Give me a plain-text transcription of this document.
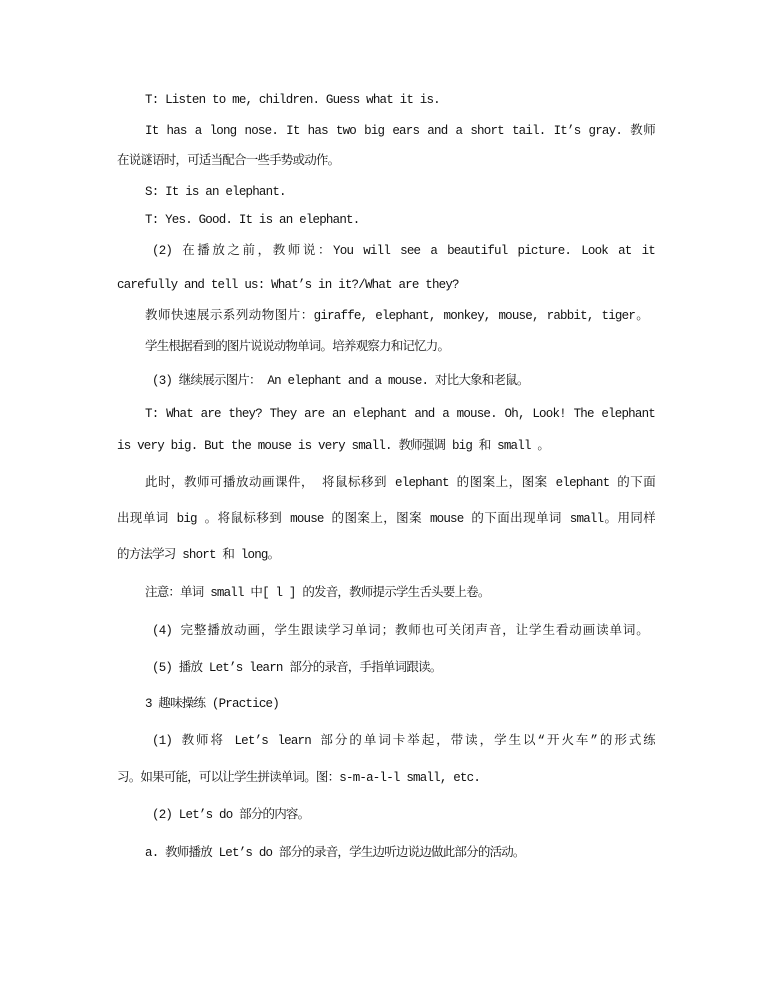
T: Listen to me, children. Guess what it is.
It has a long nose. It has two big ears and a short tail. It’s gray. 教师
在说谜语时，可适当配合一些手势或动作。
S: It is an elephant.
T: Yes. Good. It is an elephant.
(2) 在播放之前，教师说：You will see a beautiful picture. Look at it
carefully and tell us: What’s in it?/What are they?
教师快速展示系列动物图片：giraffe, elephant, monkey, mouse, rabbit, tiger。
学生根据看到的图片说说动物单词。培养观察力和记忆力。
(3) 继续展示图片： An elephant and a mouse. 对比大象和老鼠。
T: What are they? They are an elephant and a mouse. Oh, Look! The elephant
is very big. But the mouse is very small. 教师强调 big 和 small 。
此时，教师可播放动画课件， 将鼠标移到 elephant 的图案上，图案 elephant 的下面
出现单词 big 。将鼠标移到 mouse 的图案上，图案 mouse 的下面出现单词 small。用同样
的方法学习 short 和 long。
注意：单词 small 中[ l ] 的发音，教师提示学生舌头要上卷。
(4) 完整播放动画，学生跟读学习单词；教师也可关闭声音，让学生看动画读单词。
(5) 播放 Let’s learn 部分的录音，手指单词跟读。
3 趣味操练 (Practice)
(1) 教师将 Let’s learn 部分的单词卡举起，带读，学生以“开火车”的形式练
习。如果可能，可以让学生拼读单词。图：s-m-a-l-l small, etc.
(2) Let’s do 部分的内容。
a. 教师播放 Let’s do 部分的录音，学生边听边说边做此部分的活动。
